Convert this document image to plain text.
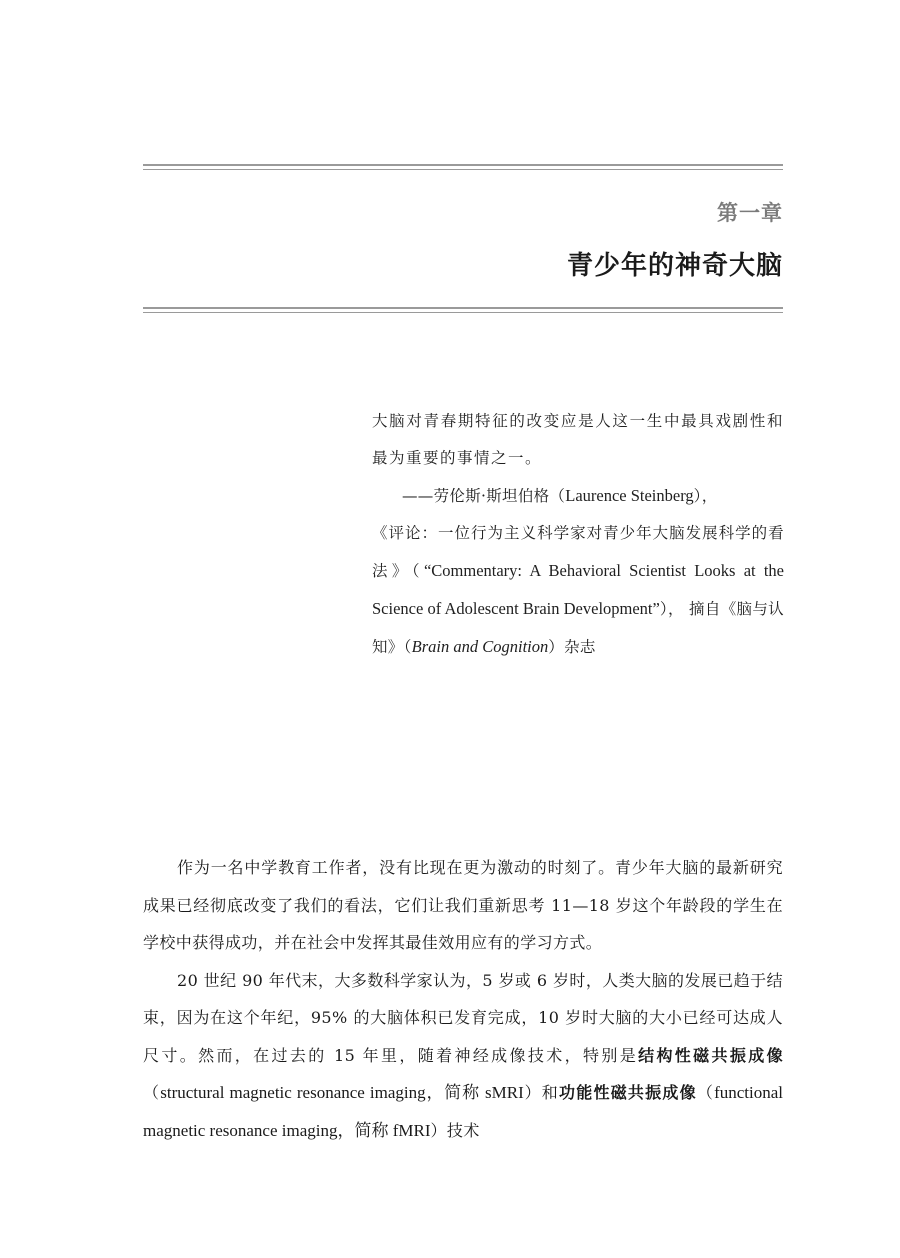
第一章
青少年的神奇大脑

大脑对青春期特征的改变应是人这一生中最具戏剧性和最为重要的事情之一。

——劳伦斯·斯坦伯格（Laurence Steinberg），

《评论：一位行为主义科学家对青少年大脑发展科学的看法》（“Commentary: A Behavioral Scientist Looks at the Science of Adolescent Brain Development”）， 摘自《脑与认知》（Brain and Cognition）杂志

作为一名中学教育工作者，没有比现在更为激动的时刻了。青少年大脑的最新研究成果已经彻底改变了我们的看法，它们让我们重新思考 11—18 岁这个年龄段的学生在学校中获得成功，并在社会中发挥其最佳效用应有的学习方式。

20 世纪 90 年代末，大多数科学家认为，5 岁或 6 岁时，人类大脑的发展已趋于结束，因为在这个年纪，95% 的大脑体积已发育完成，10 岁时大脑的大小已经可达成人尺寸。然而，在过去的 15 年里，随着神经成像技术，特别是结构性磁共振成像（structural magnetic resonance imaging，简称 sMRI）和功能性磁共振成像（functional magnetic resonance imaging，简称 fMRI）技术
